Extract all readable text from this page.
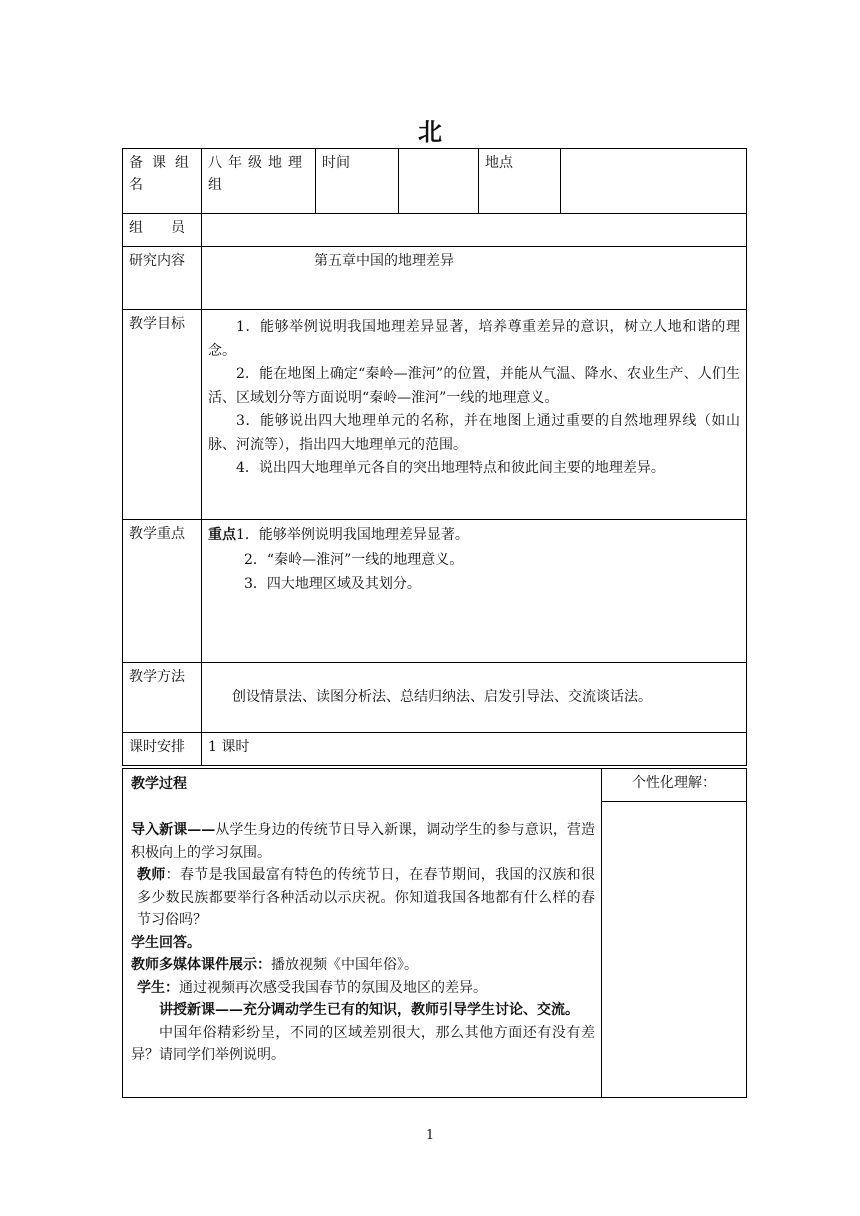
北
备课组名	八年级地理组	时间		地点	
组　　员					
研究内容	第五章中国的地理差异				

教学目标	1．能够举例说明我国地理差异显著，培养尊重差异的意识，树立人地和谐的理念。
2．能在地图上确定“秦岭—淮河”的位置，并能从气温、降水、农业生产、人们生活、区域划分等方面说明“秦岭—淮河”一线的地理意义。
3．能够说出四大地理单元的名称，并在地图上通过重要的自然地理界线（如山脉、河流等），指出四大地理单元的范围。
4．说出四大地理单元各自的突出地理特点和彼此间主要的地理差异。				

教学重点	重点1．能够举例说明我国地理差异显著。
2．“秦岭—淮河”一线的地理意义。
3．四大地理区域及其划分。				

教学方法	创设情景法、读图分析法、总结归纳法、启发引导法、交流谈话法。				

课时安排	1 课时				
教学过程
导入新课——从学生身边的传统节日导入新课，调动学生的参与意识，营造积极向上的学习氛围。
教师：春节是我国最富有特色的传统节日，在春节期间，我国的汉族和很多少数民族都要举行各种活动以示庆祝。你知道我国各地都有什么样的春节习俗吗？
学生回答。
教师多媒体课件展示：播放视频《中国年俗》。
学生：通过视频再次感受我国春节的氛围及地区的差异。
讲授新课——充分调动学生已有的知识，教师引导学生讨论、交流。
中国年俗精彩纷呈，不同的区域差别很大，那么其他方面还有没有差异？请同学们举例说明。
个性化理解：
1
